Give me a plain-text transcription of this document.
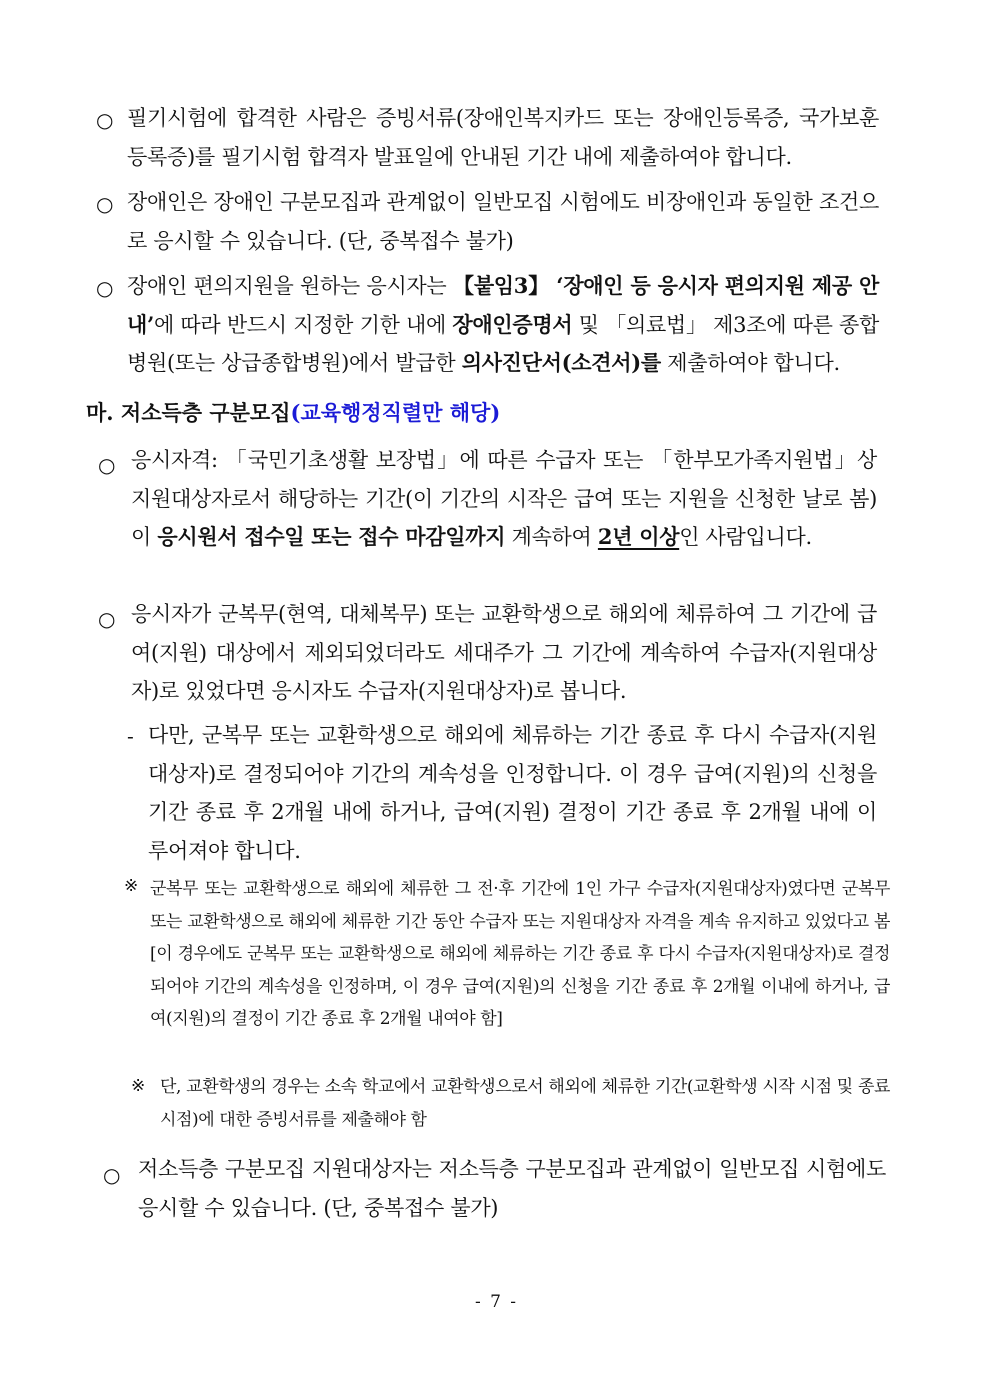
○ 필기시험에 합격한 사람은 증빙서류(장애인복지카드 또는 장애인등록증, 국가보훈등록증)를 필기시험 합격자 발표일에 안내된 기간 내에 제출하여야 합니다.

○ 장애인은 장애인 구분모집과 관계없이 일반모집 시험에도 비장애인과 동일한 조건으로 응시할 수 있습니다. (단, 중복접수 불가)

○ 장애인 편의지원을 원하는 응시자는 【붙임3】 ‘장애인 등 응시자 편의지원 제공 안내’에 따라 반드시 지정한 기한 내에 장애인증명서 및 「의료법」 제3조에 따른 종합병원(또는 상급종합병원)에서 발급한 의사진단서(소견서)를 제출하여야 합니다.

마. 저소득층 구분모집(교육행정직렬만 해당)
○ 응시자격: 「국민기초생활 보장법」에 따른 수급자 또는 「한부모가족지원법」상 지원대상자로서 해당하는 기간(이 기간의 시작은 급여 또는 지원을 신청한 날로 봄)이 응시원서 접수일 또는 접수 마감일까지 계속하여 2년 이상인 사람입니다.

○ 응시자가 군복무(현역, 대체복무) 또는 교환학생으로 해외에 체류하여 그 기간에 급여(지원) 대상에서 제외되었더라도 세대주가 그 기간에 계속하여 수급자(지원대상자)로 있었다면 응시자도 수급자(지원대상자)로 봅니다.

- 다만, 군복무 또는 교환학생으로 해외에 체류하는 기간 종료 후 다시 수급자(지원대상자)로 결정되어야 기간의 계속성을 인정합니다. 이 경우 급여(지원)의 신청을 기간 종료 후 2개월 내에 하거나, 급여(지원) 결정이 기간 종료 후 2개월 내에 이루어져야 합니다.

※ 군복무 또는 교환학생으로 해외에 체류한 그 전·후 기간에 1인 가구 수급자(지원대상자)였다면 군복무 또는 교환학생으로 해외에 체류한 기간 동안 수급자 또는 지원대상자 자격을 계속 유지하고 있었다고 봄 [이 경우에도 군복무 또는 교환학생으로 해외에 체류하는 기간 종료 후 다시 수급자(지원대상자)로 결정되어야 기간의 계속성을 인정하며, 이 경우 급여(지원)의 신청을 기간 종료 후 2개월 이내에 하거나, 급여(지원)의 결정이 기간 종료 후 2개월 내여야 함]

※ 단, 교환학생의 경우는 소속 학교에서 교환학생으로서 해외에 체류한 기간(교환학생 시작 시점 및 종료시점)에 대한 증빙서류를 제출해야 함

○ 저소득층 구분모집 지원대상자는 저소득층 구분모집과 관계없이 일반모집 시험에도 응시할 수 있습니다. (단, 중복접수 불가)

- 7 -
